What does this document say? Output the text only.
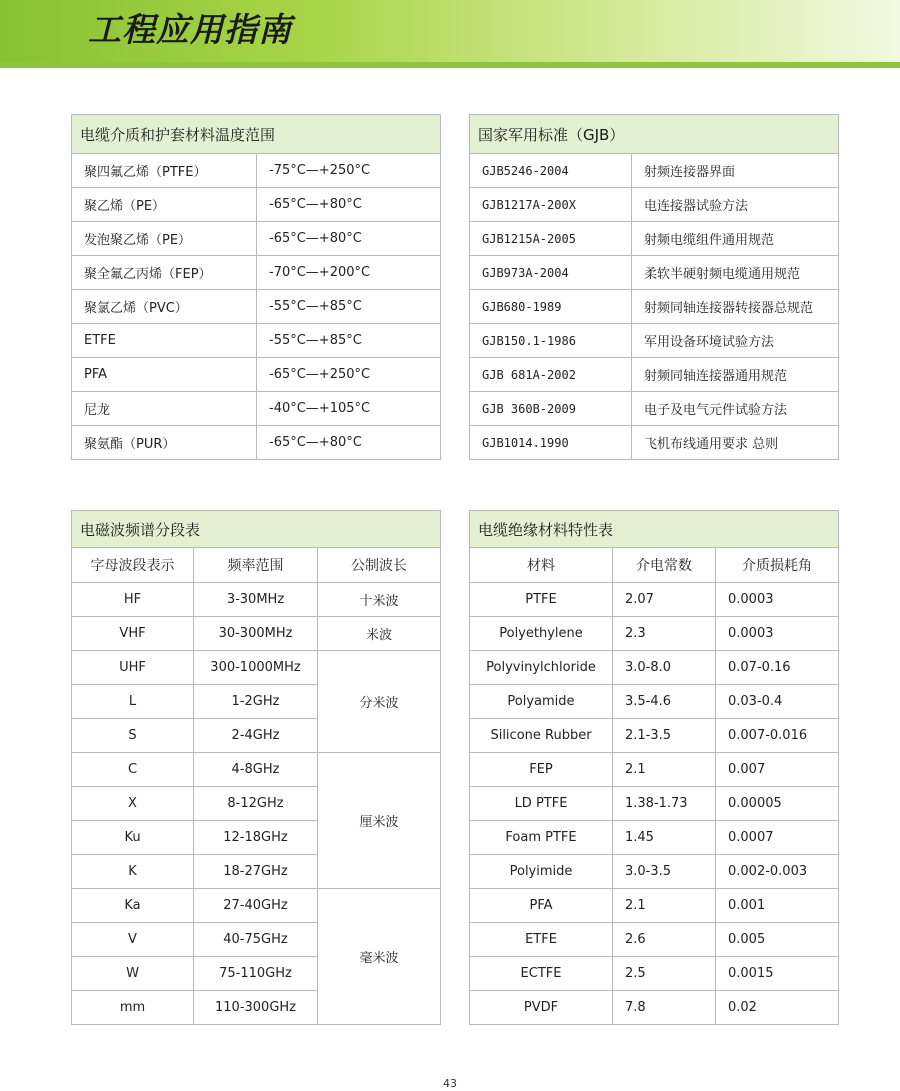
工程应用指南
电缆介质和护套材料温度范围	
聚四氟乙烯（PTFE）	-75°C—+250°C
聚乙烯（PE）	-65°C—+80°C
发泡聚乙烯（PE）	-65°C—+80°C
聚全氟乙丙烯（FEP）	-70°C—+200°C
聚氯乙烯（PVC）	-55°C—+85°C
ETFE	-55°C—+85°C
PFA	-65°C—+250°C
尼龙	-40°C—+105°C
聚氨酯（PUR）	-65°C—+80°C
国家军用标准（GJB）	
GJB5246-2004	射频连接器界面
GJB1217A-200X	电连接器试验方法
GJB1215A-2005	射频电缆组件通用规范
GJB973A-2004	柔软半硬射频电缆通用规范
GJB680-1989	射频同轴连接器转接器总规范
GJB150.1-1986	军用设备环境试验方法
GJB 681A-2002	射频同轴连接器通用规范
GJB 360B-2009	电子及电气元件试验方法
GJB1014.1990	飞机布线通用要求 总则
电磁波频谱分段表		
字母波段表示	频率范围	公制波长
HF	3-30MHz	十米波
VHF	30-300MHz	米波
UHF	300-1000MHz	分米波
L	1-2GHz	
S	2-4GHz	
C	4-8GHz	厘米波
X	8-12GHz	
Ku	12-18GHz	
K	18-27GHz	
Ka	27-40GHz	毫米波
V	40-75GHz	
W	75-110GHz	
mm	110-300GHz	
电缆绝缘材料特性表		
材料	介电常数	介质损耗角
PTFE	2.07	0.0003
Polyethylene	2.3	0.0003
Polyvinylchloride	3.0-8.0	0.07-0.16
Polyamide	3.5-4.6	0.03-0.4
Silicone Rubber	2.1-3.5	0.007-0.016
FEP	2.1	0.007
LD PTFE	1.38-1.73	0.00005
Foam PTFE	1.45	0.0007
Polyimide	3.0-3.5	0.002-0.003
PFA	2.1	0.001
ETFE	2.6	0.005
ECTFE	2.5	0.0015
PVDF	7.8	0.02
43
